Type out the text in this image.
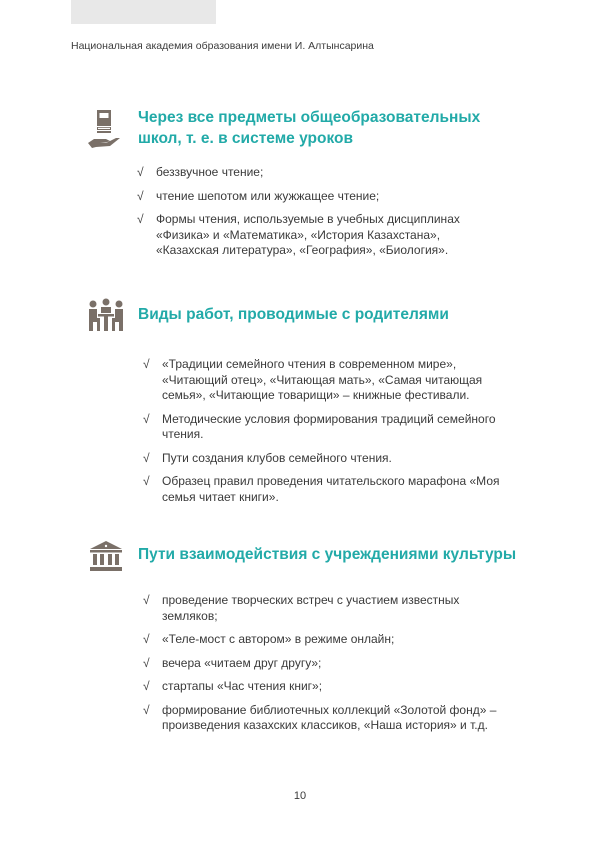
Национальная академия образования имени И. Алтынсарина
Через все предметы общеобразовательных школ, т. е. в системе уроков
√ беззвучное чтение;
√ чтение шепотом или жужжащее чтение;
√ Формы чтения, используемые в учебных дисциплинах «Физика» и «Математика», «История Казахстана», «Казахская литература», «География», «Биология».
Виды работ, проводимые с родителями
√ «Традиции семейного чтения в современном мире», «Читающий отец», «Читающая мать», «Самая читающая семья», «Читающие товарищи» – книжные фестивали.
√ Методические условия формирования традиций семейного чтения.
√ Пути создания клубов семейного чтения.
√ Образец правил проведения читательского марафона «Моя семья читает книги».
Пути взаимодействия с учреждениями культуры
√ проведение творческих встреч с участием известных земляков;
√ «Теле-мост с автором» в режиме онлайн;
√ вечера «читаем друг другу»;
√ стартапы «Час чтения книг»;
√ формирование библиотечных коллекций «Золотой фонд» – произведения казахских классиков, «Наша история» и т.д.
10
